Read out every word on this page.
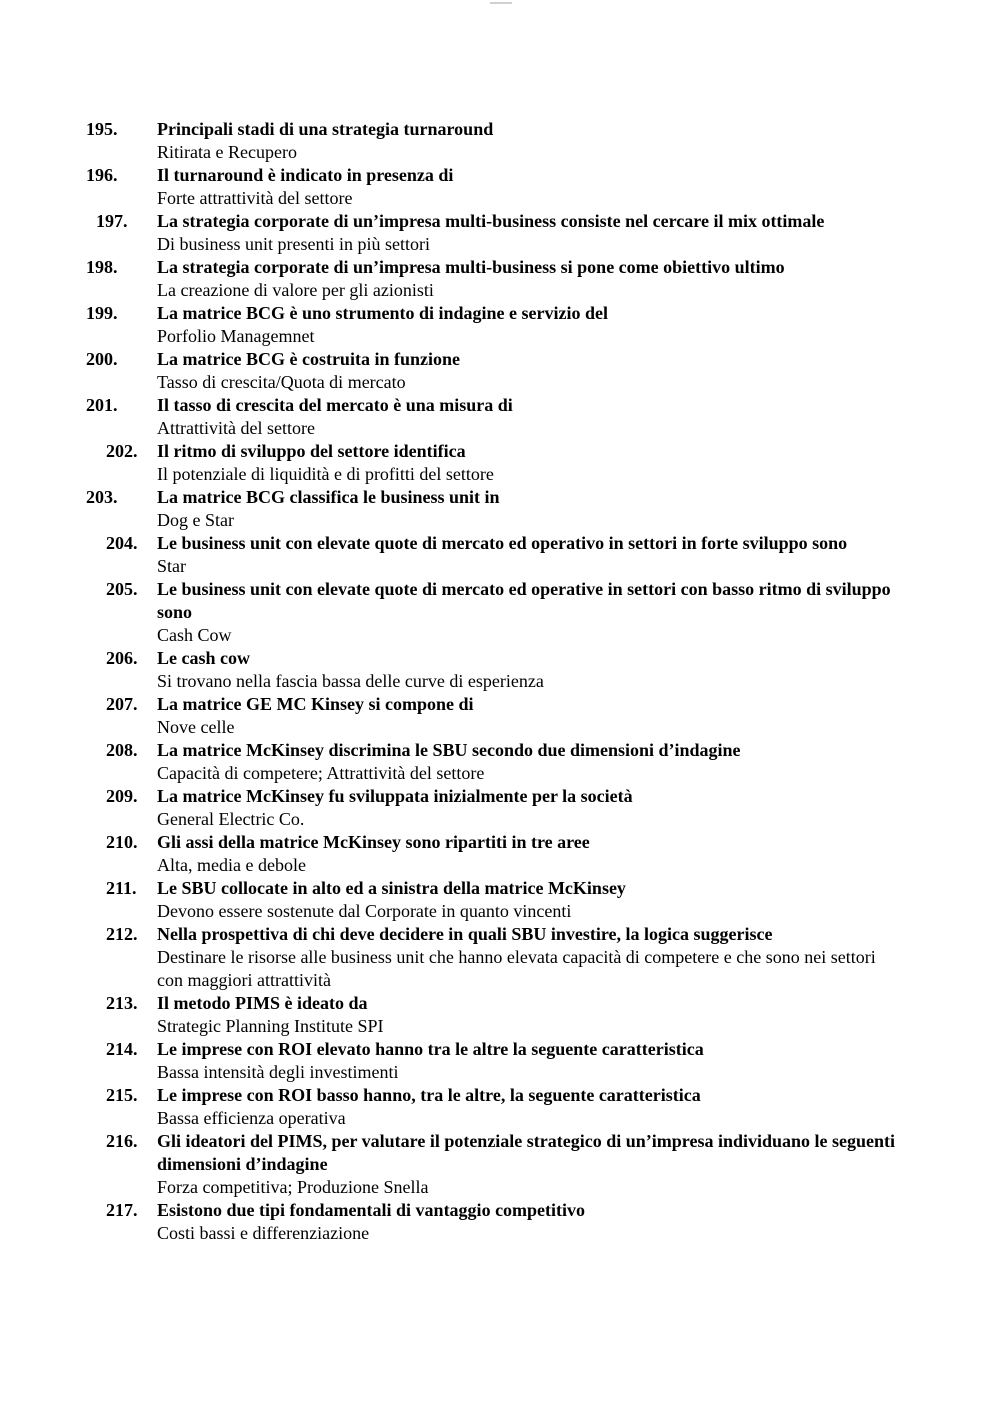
195.	Principali stadi di una strategia turnaround
Ritirata e Recupero
196.	Il turnaround è indicato in presenza di
Forte attrattività del settore
197.	La strategia corporate di un’impresa multi-business consiste nel cercare il mix ottimale
Di business unit presenti in più settori
198.	La strategia corporate di un’impresa multi-business si pone come obiettivo ultimo
La creazione di valore per gli azionisti
199.	La matrice BCG è uno strumento di indagine e servizio del
Porfolio Managemnet
200.	La matrice BCG è costruita in funzione
Tasso di crescita/Quota di mercato
201.	Il tasso di crescita del mercato è una misura di
Attrattività del settore
202.	Il ritmo di sviluppo del settore identifica
Il potenziale di liquidità e di profitti del settore
203.	La matrice BCG classifica le business unit in
Dog e Star
204.	Le business unit con elevate quote di mercato ed operativo in settori in forte sviluppo sono
Star
205.	Le business unit con elevate quote di mercato ed operative in settori con basso ritmo di sviluppo sono
Cash Cow
206.	Le cash cow
Si trovano nella fascia bassa delle curve di esperienza
207.	La matrice GE MC Kinsey si compone di
Nove celle
208.	La matrice McKinsey discrimina le SBU secondo due dimensioni d’indagine
Capacità di competere; Attrattività del settore
209.	La matrice McKinsey fu sviluppata inizialmente per la società
General Electric Co.
210.	Gli assi della matrice McKinsey sono ripartiti in tre aree
Alta, media e debole
211.	Le SBU collocate in alto ed a sinistra della matrice McKinsey
Devono essere sostenute dal Corporate in quanto vincenti
212.	Nella prospettiva di chi deve decidere in quali SBU investire, la logica suggerisce
Destinare le risorse alle business unit che hanno elevata capacità di competere e che sono nei settori con maggiori attrattività
213.	Il metodo PIMS è ideato da
Strategic Planning Institute SPI
214.	Le imprese con ROI elevato hanno tra le altre la seguente caratteristica
Bassa intensità degli investimenti
215.	Le imprese con ROI basso hanno, tra le altre, la seguente caratteristica
Bassa efficienza operativa
216.	Gli ideatori del PIMS, per valutare il potenziale strategico di un’impresa individuano le seguenti dimensioni d’indagine
Forza competitiva; Produzione Snella
217.	Esistono due tipi fondamentali di vantaggio competitivo
Costi bassi e differenziazione
